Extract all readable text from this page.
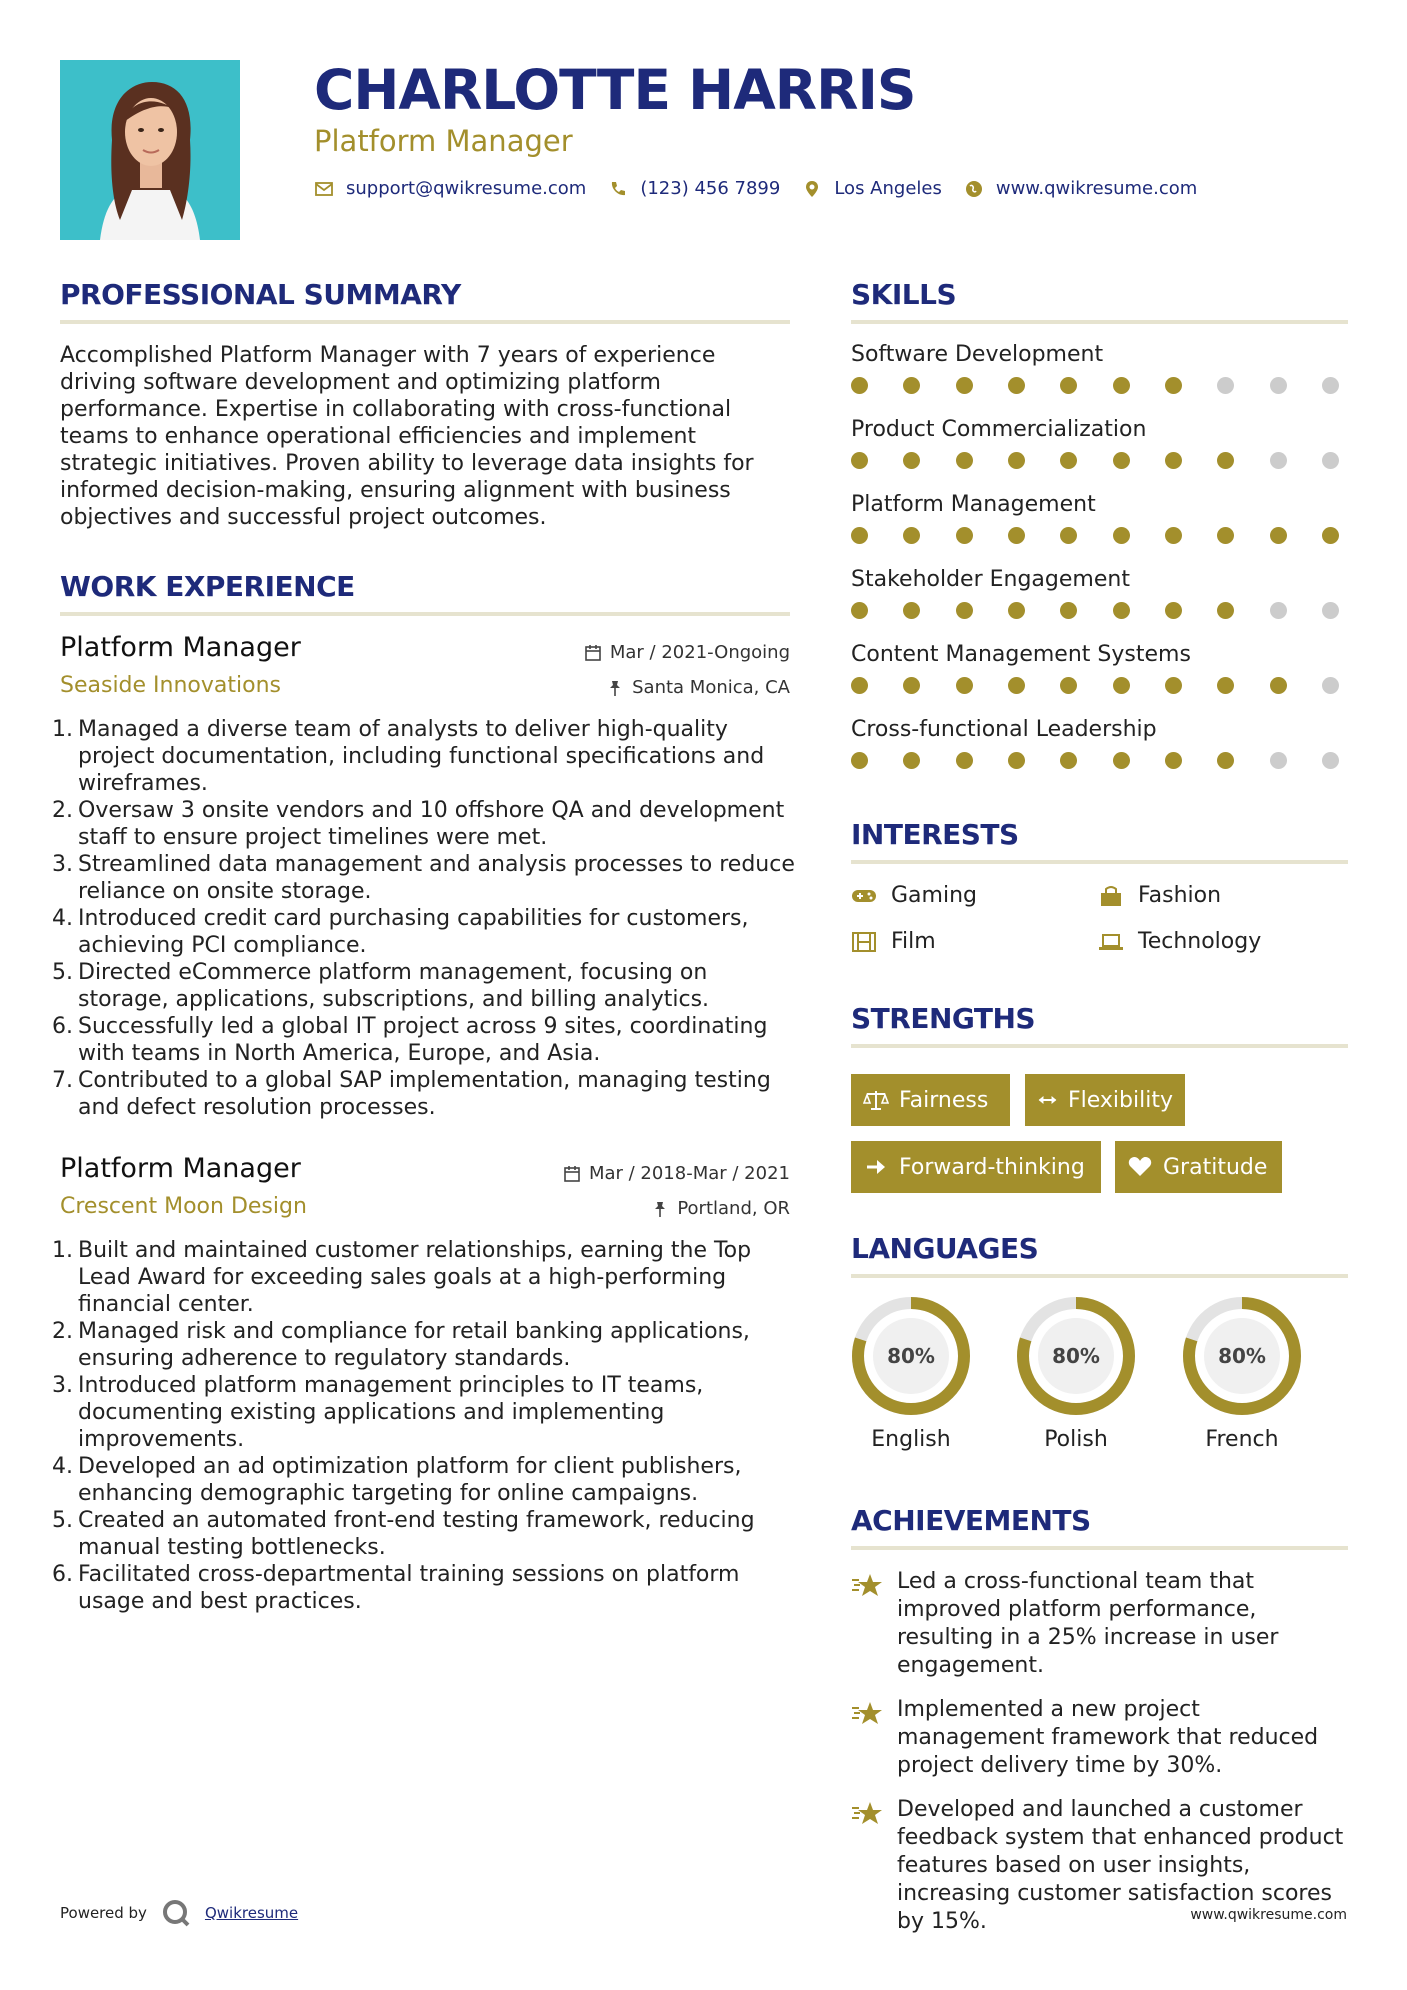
CHARLOTTE HARRIS
Platform Manager
support@qwikresume.com	(123) 456 7899	Los Angeles	www.qwikresume.com
PROFESSIONAL SUMMARY
Accomplished Platform Manager with 7 years of experience driving software development and optimizing platform performance. Expertise in collaborating with cross-functional teams to enhance operational efficiencies and implement strategic initiatives. Proven ability to leverage data insights for informed decision-making, ensuring alignment with business objectives and successful project outcomes.
WORK EXPERIENCE
Platform Manager	Mar / 2021-Ongoing
Seaside Innovations	Santa Monica, CA
1. Managed a diverse team of analysts to deliver high-quality project documentation, including functional specifications and wireframes.
2. Oversaw 3 onsite vendors and 10 offshore QA and development staff to ensure project timelines were met.
3. Streamlined data management and analysis processes to reduce reliance on onsite storage.
4. Introduced credit card purchasing capabilities for customers, achieving PCI compliance.
5. Directed eCommerce platform management, focusing on storage, applications, subscriptions, and billing analytics.
6. Successfully led a global IT project across 9 sites, coordinating with teams in North America, Europe, and Asia.
7. Contributed to a global SAP implementation, managing testing and defect resolution processes.
Platform Manager	Mar / 2018-Mar / 2021
Crescent Moon Design	Portland, OR
1. Built and maintained customer relationships, earning the Top Lead Award for exceeding sales goals at a high-performing financial center.
2. Managed risk and compliance for retail banking applications, ensuring adherence to regulatory standards.
3. Introduced platform management principles to IT teams, documenting existing applications and implementing improvements.
4. Developed an ad optimization platform for client publishers, enhancing demographic targeting for online campaigns.
5. Created an automated front-end testing framework, reducing manual testing bottlenecks.
6. Facilitated cross-departmental training sessions on platform usage and best practices.
SKILLS
Software Development
Product Commercialization
Platform Management
Stakeholder Engagement
Content Management Systems
Cross-functional Leadership
INTERESTS
Gaming	Fashion
Film	Technology
STRENGTHS
Fairness	Flexibility
Forward-thinking	Gratitude
LANGUAGES
80%
English
80%
Polish
80%
French
ACHIEVEMENTS
Led a cross-functional team that improved platform performance, resulting in a 25% increase in user engagement.
Implemented a new project management framework that reduced project delivery time by 30%.
Developed and launched a customer feedback system that enhanced product features based on user insights, increasing customer satisfaction scores by 15%.
Powered by	Qwikresume	www.qwikresume.com
